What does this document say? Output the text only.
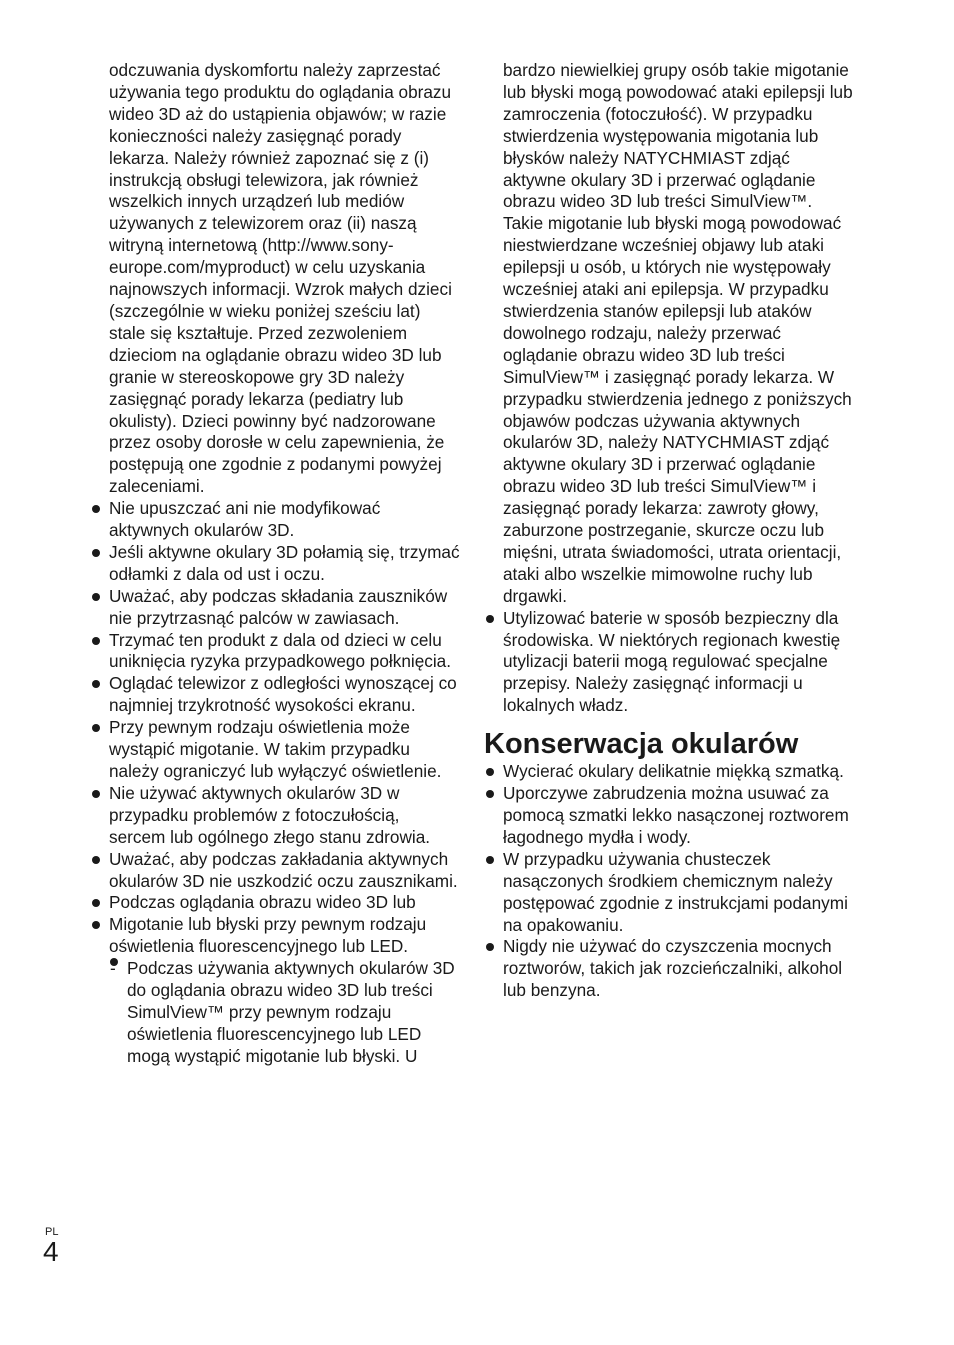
odczuwania dyskomfortu należy zaprzestać używania tego produktu do oglądania obrazu wideo 3D aż do ustąpienia objawów; w razie konieczności należy zasięgnąć porady lekarza. Należy również zapoznać się z (i) instrukcją obsługi telewizora, jak również wszelkich innych urządzeń lub mediów używanych z telewizorem oraz (ii) naszą witryną internetową (http://www.sony-europe.com/myproduct) w celu uzyskania najnowszych informacji. Wzrok małych dzieci (szczególnie w wieku poniżej sześciu lat) stale się kształtuje. Przed zezwoleniem dzieciom na oglądanie obrazu wideo 3D lub granie w stereoskopowe gry 3D należy zasięgnąć porady lekarza (pediatry lub okulisty). Dzieci powinny być nadzorowane przez osoby dorosłe w celu zapewnienia, że postępują one zgodnie z podanymi powyżej zaleceniami.

Nie upuszczać ani nie modyfikować aktywnych okularów 3D.
Jeśli aktywne okulary 3D połamią się, trzymać odłamki z dala od ust i oczu.
Uważać, aby podczas składania zauszników nie przytrzasnąć palców w zawiasach.
Trzymać ten produkt z dala od dzieci w celu uniknięcia ryzyka przypadkowego połknięcia.
Oglądać telewizor z odległości wynoszącej co najmniej trzykrotność wysokości ekranu.
Przy pewnym rodzaju oświetlenia może wystąpić migotanie. W takim przypadku należy ograniczyć lub wyłączyć oświetlenie.
Nie używać aktywnych okularów 3D w przypadku problemów z fotoczułością, sercem lub ogólnego złego stanu zdrowia.
Uważać, aby podczas zakładania aktywnych okularów 3D nie uszkodzić oczu zausznikami.
Podczas oglądania obrazu wideo 3D lub
Migotanie lub błyski przy pewnym rodzaju oświetlenia fluorescencyjnego lub LED.
- Podczas używania aktywnych okularów 3D do oglądania obrazu wideo 3D lub treści SimulView™ przy pewnym rodzaju oświetlenia fluorescencyjnego lub LED mogą wystąpić migotanie lub błyski. U

bardzo niewielkiej grupy osób takie migotanie lub błyski mogą powodować ataki epilepsji lub zamroczenia (fotoczułość). W przypadku stwierdzenia występowania migotania lub błysków należy NATYCHMIAST zdjąć aktywne okulary 3D i przerwać oglądanie obrazu wideo 3D lub treści SimulView™. Takie migotanie lub błyski mogą powodować niestwierdzane wcześniej objawy lub ataki epilepsji u osób, u których nie występowały wcześniej ataki ani epilepsja. W przypadku stwierdzenia stanów epilepsji lub ataków dowolnego rodzaju, należy przerwać oglądanie obrazu wideo 3D lub treści SimulView™ i zasięgnąć porady lekarza. W przypadku stwierdzenia jednego z poniższych objawów podczas używania aktywnych okularów 3D, należy NATYCHMIAST zdjąć aktywne okulary 3D i przerwać oglądanie obrazu wideo 3D lub treści SimulView™ i zasięgnąć porady lekarza: zawroty głowy, zaburzone postrzeganie, skurcze oczu lub mięśni, utrata świadomości, utrata orientacji, ataki albo wszelkie mimowolne ruchy lub drgawki.

Utylizować baterie w sposób bezpieczny dla środowiska. W niektórych regionach kwestię utylizacji baterii mogą regulować specjalne przepisy. Należy zasięgnąć informacji u lokalnych władz.
Konserwacja okularów
Wycierać okulary delikatnie miękką szmatką.
Uporczywe zabrudzenia można usuwać za pomocą szmatki lekko nasączonej roztworem łagodnego mydła i wody.
W przypadku używania chusteczek nasączonych środkiem chemicznym należy postępować zgodnie z instrukcjami podanymi na opakowaniu.
Nigdy nie używać do czyszczenia mocnych roztworów, takich jak rozcieńczalniki, alkohol lub benzyna.
PL
4
